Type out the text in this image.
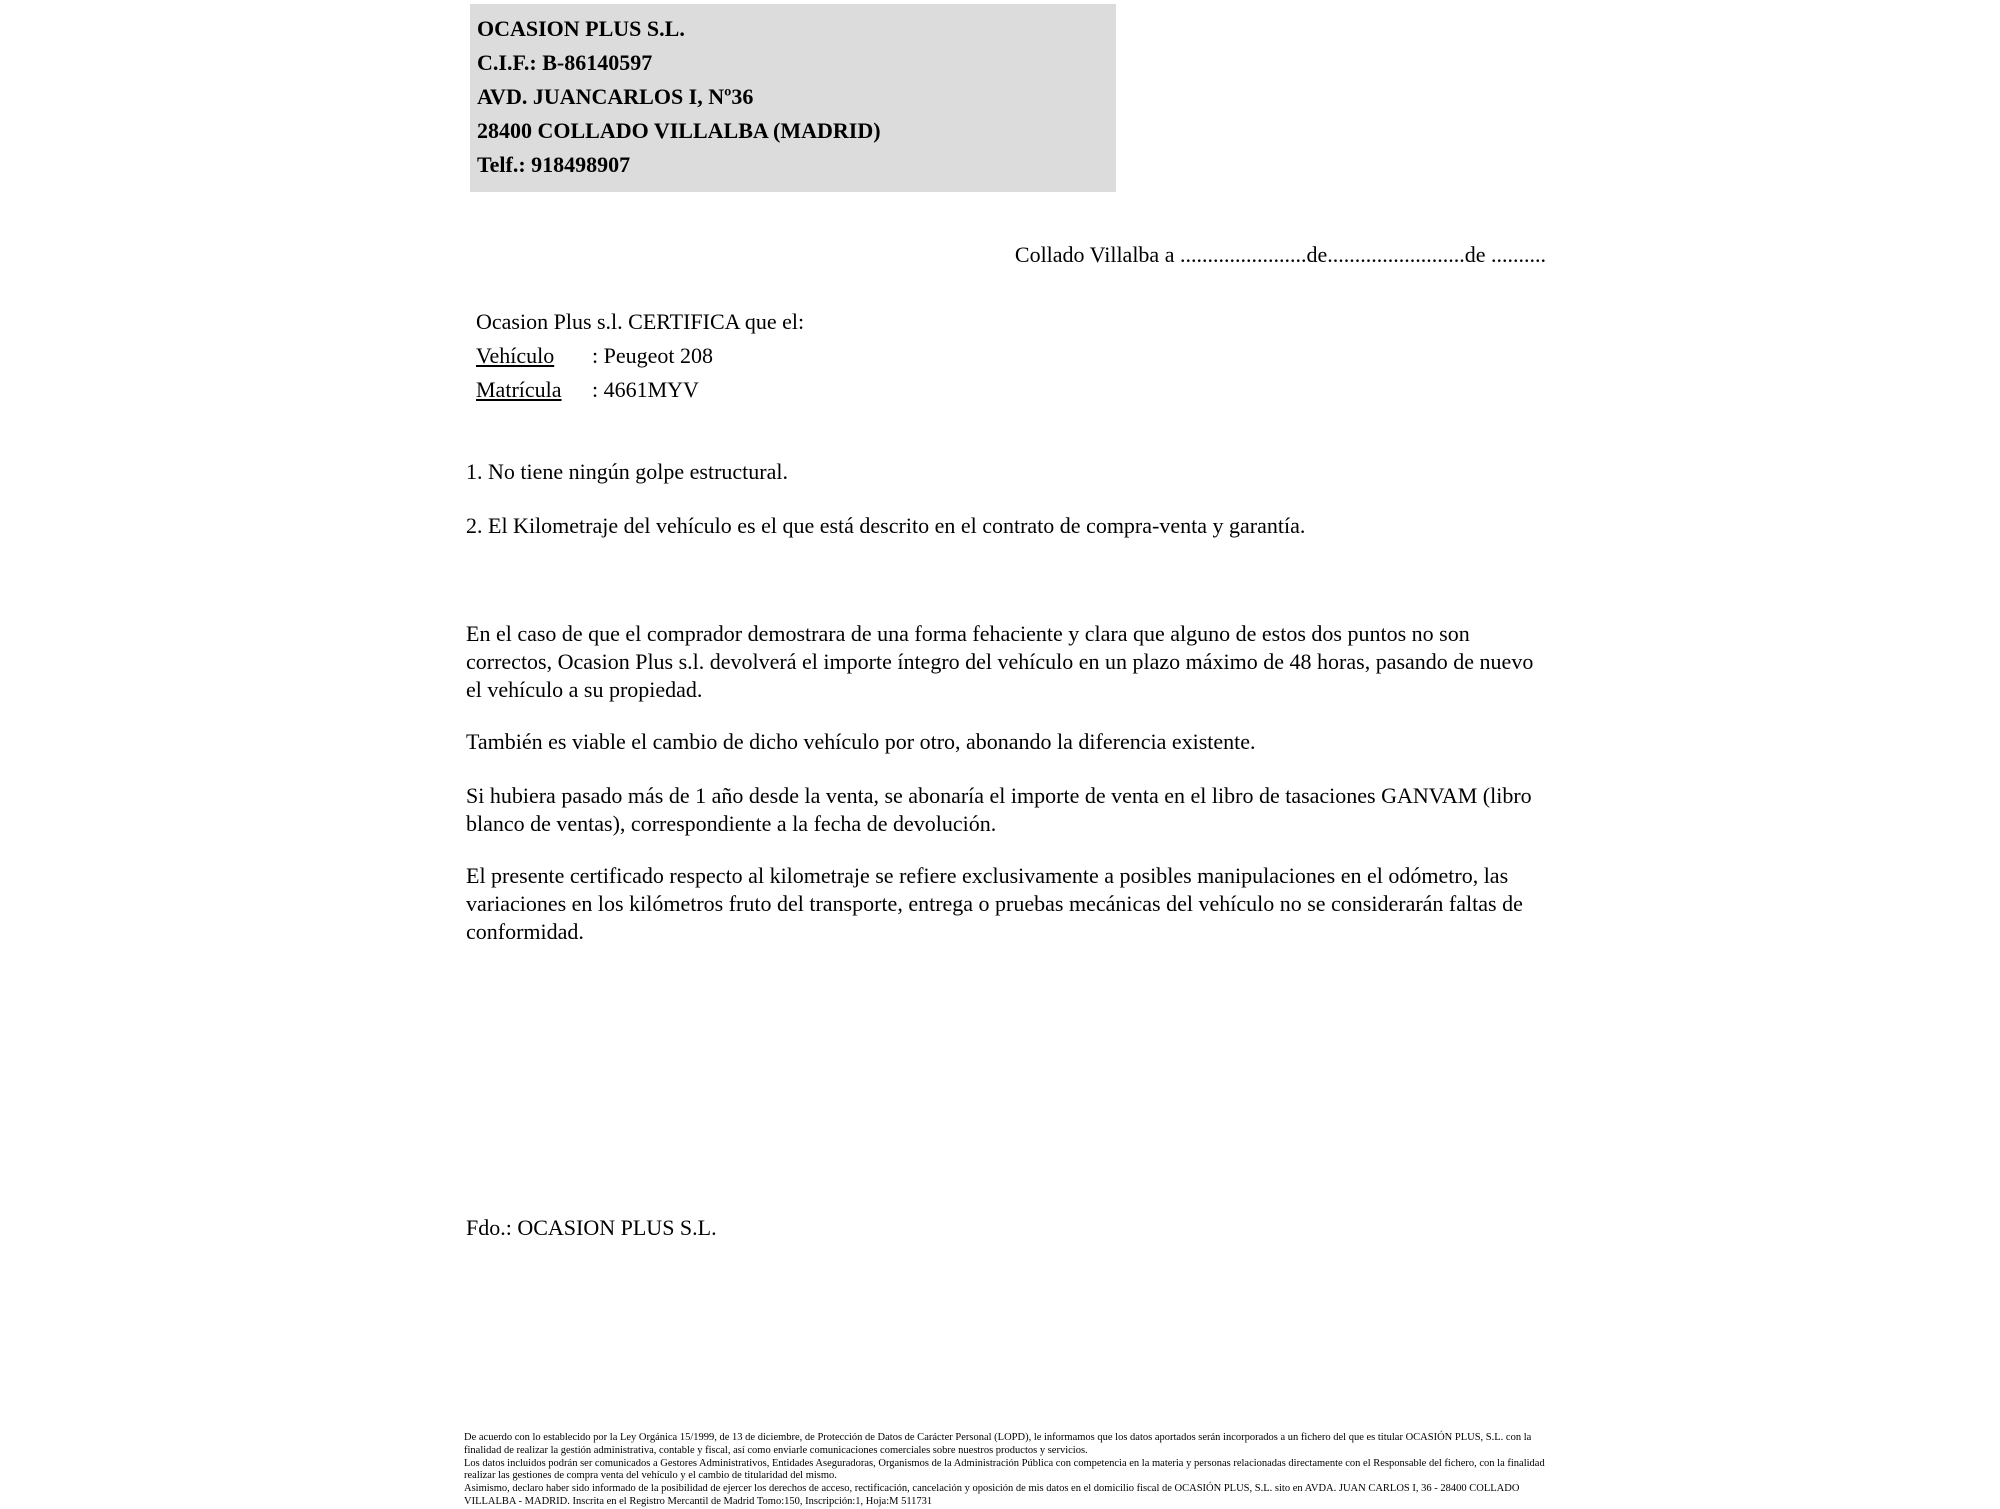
OCASION PLUS S.L.
C.I.F.: B-86140597
AVD. JUANCARLOS I, Nº36
28400 COLLADO VILLALBA (MADRID)
Telf.: 918498907
Collado Villalba a .......................de.........................de ..........
Ocasion Plus s.l. CERTIFICA que el:
Vehículo : Peugeot 208
Matrícula : 4661MYV
1. No tiene ningún golpe estructural.
2. El Kilometraje del vehículo es el que está descrito en el contrato de compra-venta y garantía.
En el caso de que el comprador demostrara de una forma fehaciente y clara que alguno de estos dos puntos no son correctos, Ocasion Plus s.l. devolverá el importe íntegro del vehículo en un plazo máximo de 48 horas, pasando de nuevo el vehículo a su propiedad.
También es viable el cambio de dicho vehículo por otro, abonando la diferencia existente.
Si hubiera pasado más de 1 año desde la venta, se abonaría el importe de venta en el libro de tasaciones GANVAM (libro blanco de ventas), correspondiente a la fecha de devolución.
El presente certificado respecto al kilometraje se refiere exclusivamente a posibles manipulaciones en el odómetro, las variaciones en los kilómetros fruto del transporte, entrega o pruebas mecánicas del vehículo no se considerarán faltas de conformidad.
Fdo.: OCASION PLUS S.L.

De acuerdo con lo establecido por la Ley Orgánica 15/1999, de 13 de diciembre, de Protección de Datos de Carácter Personal (LOPD), le informamos que los datos aportados serán incorporados a un fichero del que es titular OCASIÓN PLUS, S.L. con la finalidad de realizar la gestión administrativa, contable y fiscal, así como enviarle comunicaciones comerciales sobre nuestros productos y servicios.

Los datos incluidos podrán ser comunicados a Gestores Administrativos, Entidades Aseguradoras, Organismos de la Administración Pública con competencia en la materia y personas relacionadas directamente con el Responsable del fichero, con la finalidad realizar las gestiones de compra venta del vehículo y el cambio de titularidad del mismo.

Asimismo, declaro haber sido informado de la posibilidad de ejercer los derechos de acceso, rectificación, cancelación y oposición de mis datos en el domicilio fiscal de OCASIÓN PLUS, S.L. sito en AVDA. JUAN CARLOS I, 36 - 28400 COLLADO VILLALBA - MADRID. Inscrita en el Registro Mercantil de Madrid Tomo:150, Inscripción:1, Hoja:M 511731
